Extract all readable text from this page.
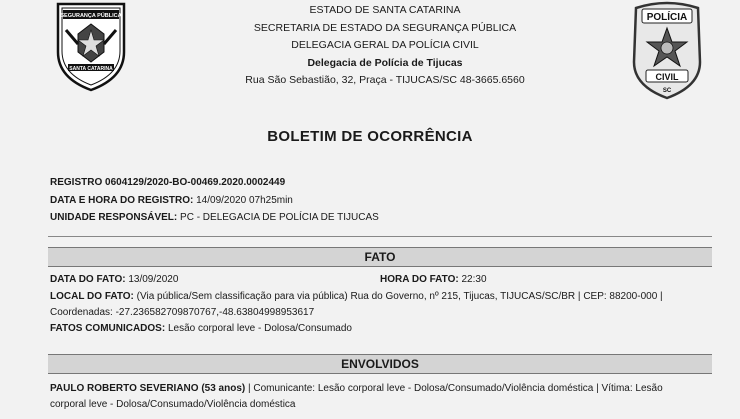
SEGURANÇA PÚBLICA
SANTA CATARINA
POLÍCIA
CIVIL
SC
ESTADO DE SANTA CATARINA
SECRETARIA DE ESTADO DA SEGURANÇA PÚBLICA
DELEGACIA GERAL DA POLÍCIA CIVIL
Delegacia de Polícia de Tijucas
Rua São Sebastião, 32, Praça - TIJUCAS/SC 48-3665.6560
BOLETIM DE OCORRÊNCIA
REGISTRO 0604129/2020-BO-00469.2020.0002449
DATA E HORA DO REGISTRO: 14/09/2020 07h25min
UNIDADE RESPONSÁVEL: PC - DELEGACIA DE POLÍCIA DE TIJUCAS
FATO
DATA DO FATO: 13/09/2020	HORA DO FATO: 22:30
LOCAL DO FATO: (Via pública/Sem classificação para via pública) Rua do Governo, nº 215, Tijucas, TIJUCAS/SC/BR | CEP: 88200-000 |
Coordenadas: -27.236582709870767,-48.63804998953617
FATOS COMUNICADOS: Lesão corporal leve - Dolosa/Consumado
ENVOLVIDOS
PAULO ROBERTO SEVERIANO (53 anos) | Comunicante: Lesão corporal leve - Dolosa/Consumado/Violência doméstica | Vítima: Lesão
corporal leve - Dolosa/Consumado/Violência doméstica
